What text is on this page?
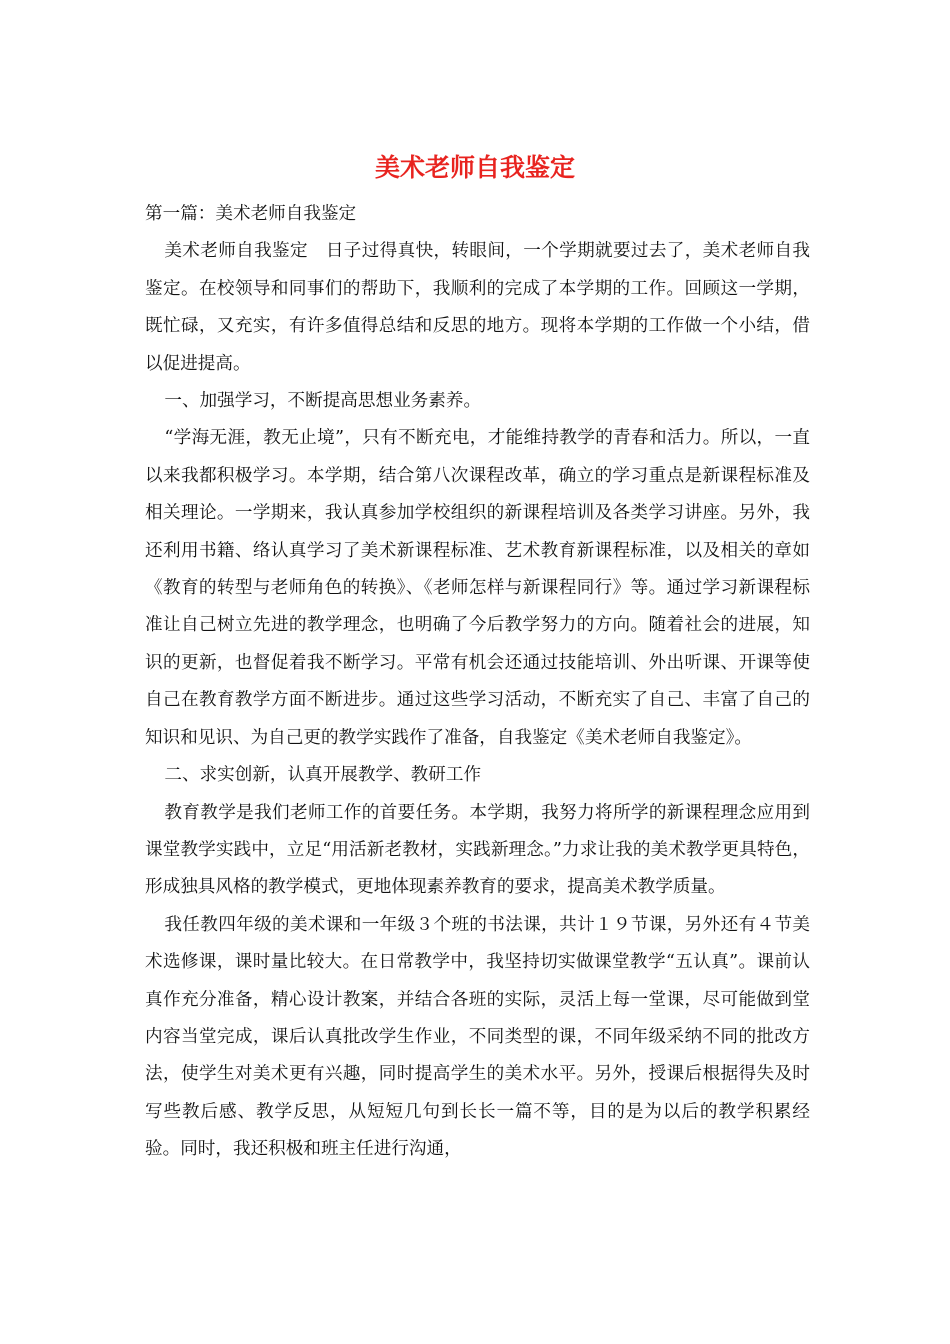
美术老师自我鉴定

第一篇：美术老师自我鉴定

美术老师自我鉴定　日子过得真快，转眼间，一个学期就要过去了，美术老师自我鉴定。在校领导和同事们的帮助下，我顺利的完成了本学期的工作。回顾这一学期，既忙碌，又充实，有许多值得总结和反思的地方。现将本学期的工作做一个小结，借以促进提高。

一、加强学习，不断提高思想业务素养。

“学海无涯，教无止境”，只有不断充电，才能维持教学的青春和活力。所以，一直以来我都积极学习。本学期，结合第八次课程改革，确立的学习重点是新课程标准及相关理论。一学期来，我认真参加学校组织的新课程培训及各类学习讲座。另外，我还利用书籍、络认真学习了美术新课程标准、艺术教育新课程标准，以及相关的章如《教育的转型与老师角色的转换》、《老师怎样与新课程同行》等。通过学习新课程标准让自己树立先进的教学理念，也明确了今后教学努力的方向。随着社会的进展，知识的更新，也督促着我不断学习。平常有机会还通过技能培训、外出听课、开课等使自己在教育教学方面不断进步。通过这些学习活动，不断充实了自己、丰富了自己的知识和见识、为自己更的教学实践作了准备，自我鉴定《美术老师自我鉴定》。

二、求实创新，认真开展教学、教研工作

教育教学是我们老师工作的首要任务。本学期，我努力将所学的新课程理念应用到课堂教学实践中，立足“用活新老教材，实践新理念。”力求让我的美术教学更具特色，形成独具风格的教学模式，更地体现素养教育的要求，提高美术教学质量。

我任教四年级的美术课和一年级３个班的书法课，共计１９节课，另外还有４节美术选修课，课时量比较大。在日常教学中，我坚持切实做课堂教学“五认真”。课前认真作充分准备，精心设计教案，并结合各班的实际，灵活上每一堂课，尽可能做到堂内容当堂完成，课后认真批改学生作业，不同类型的课，不同年级采纳不同的批改方法，使学生对美术更有兴趣，同时提高学生的美术水平。另外，授课后根据得失及时写些教后感、教学反思，从短短几句到长长一篇不等，目的是为以后的教学积累经验。同时，我还积极和班主任进行沟通，
